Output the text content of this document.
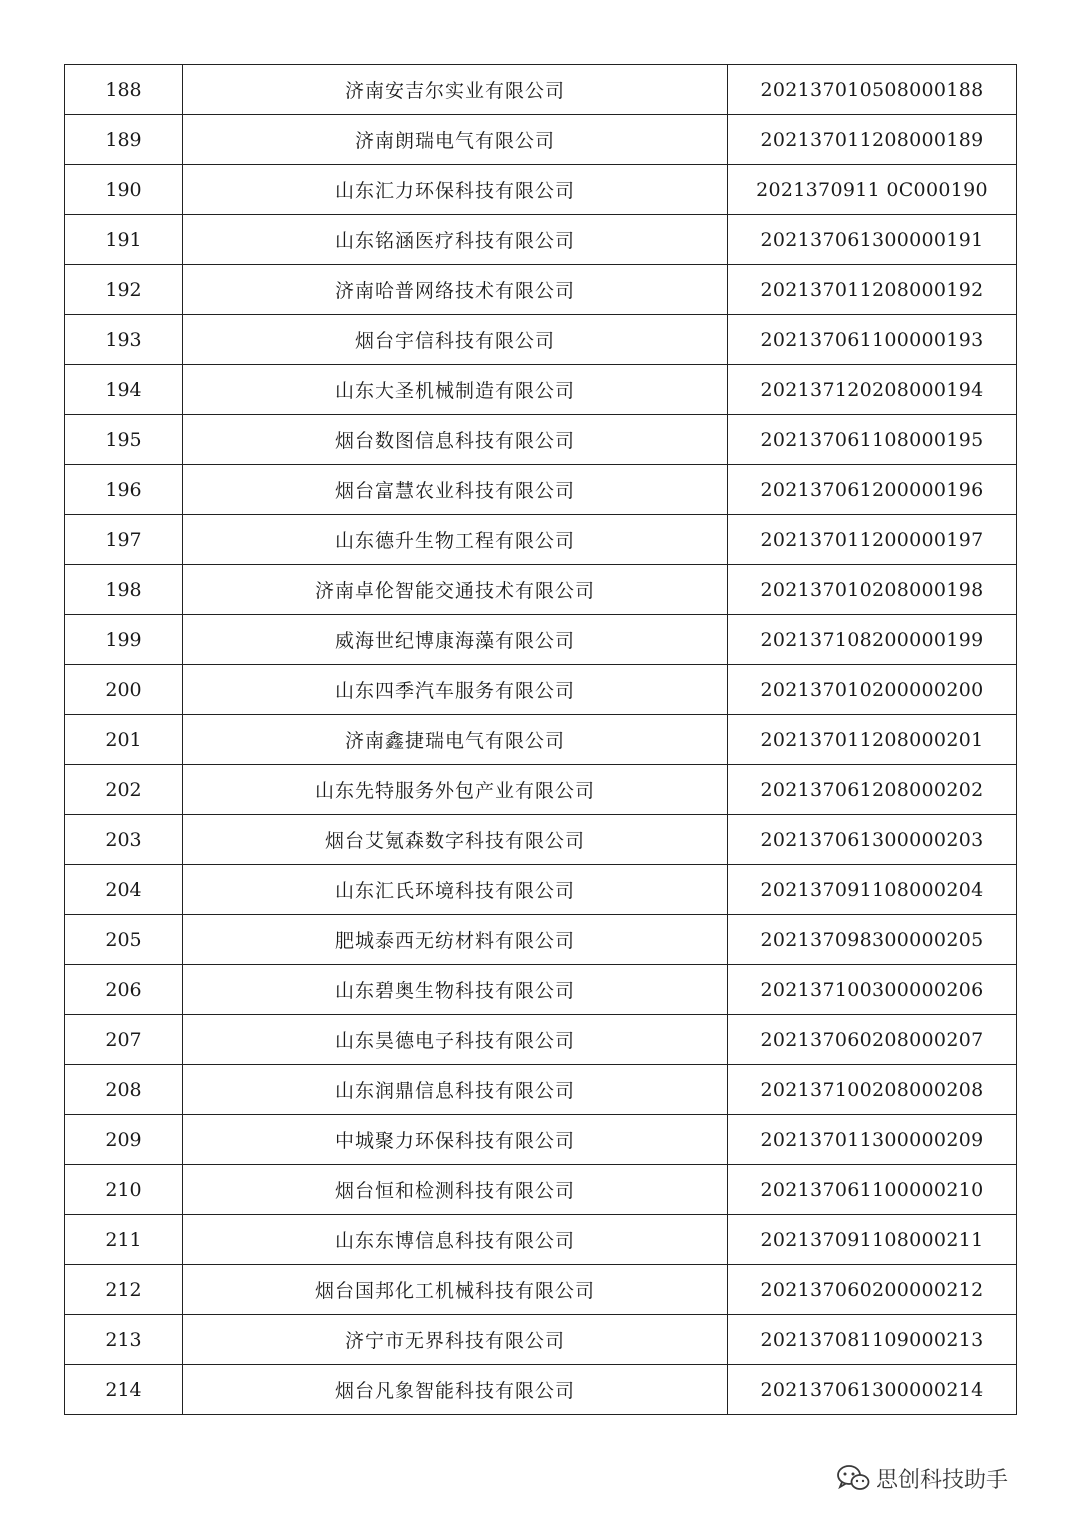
188	济南安吉尔实业有限公司	202137010508000188
189	济南朗瑞电气有限公司	202137011208000189
190	山东汇力环保科技有限公司	2021370911 0C000190
191	山东铭涵医疗科技有限公司	202137061300000191
192	济南哈普网络技术有限公司	202137011208000192
193	烟台宇信科技有限公司	202137061100000193
194	山东大圣机械制造有限公司	202137120208000194
195	烟台数图信息科技有限公司	202137061108000195
196	烟台富慧农业科技有限公司	202137061200000196
197	山东德升生物工程有限公司	202137011200000197
198	济南卓伦智能交通技术有限公司	202137010208000198
199	威海世纪博康海藻有限公司	202137108200000199
200	山东四季汽车服务有限公司	202137010200000200
201	济南鑫捷瑞电气有限公司	202137011208000201
202	山东先特服务外包产业有限公司	202137061208000202
203	烟台艾氪森数字科技有限公司	202137061300000203
204	山东汇氏环境科技有限公司	202137091108000204
205	肥城泰西无纺材料有限公司	202137098300000205
206	山东碧奥生物科技有限公司	202137100300000206
207	山东昊德电子科技有限公司	202137060208000207
208	山东润鼎信息科技有限公司	202137100208000208
209	中城聚力环保科技有限公司	202137011300000209
210	烟台恒和检测科技有限公司	202137061100000210
211	山东东博信息科技有限公司	202137091108000211
212	烟台国邦化工机械科技有限公司	202137060200000212
213	济宁市无界科技有限公司	202137081109000213
214	烟台凡象智能科技有限公司	202137061300000214
思创科技助手
